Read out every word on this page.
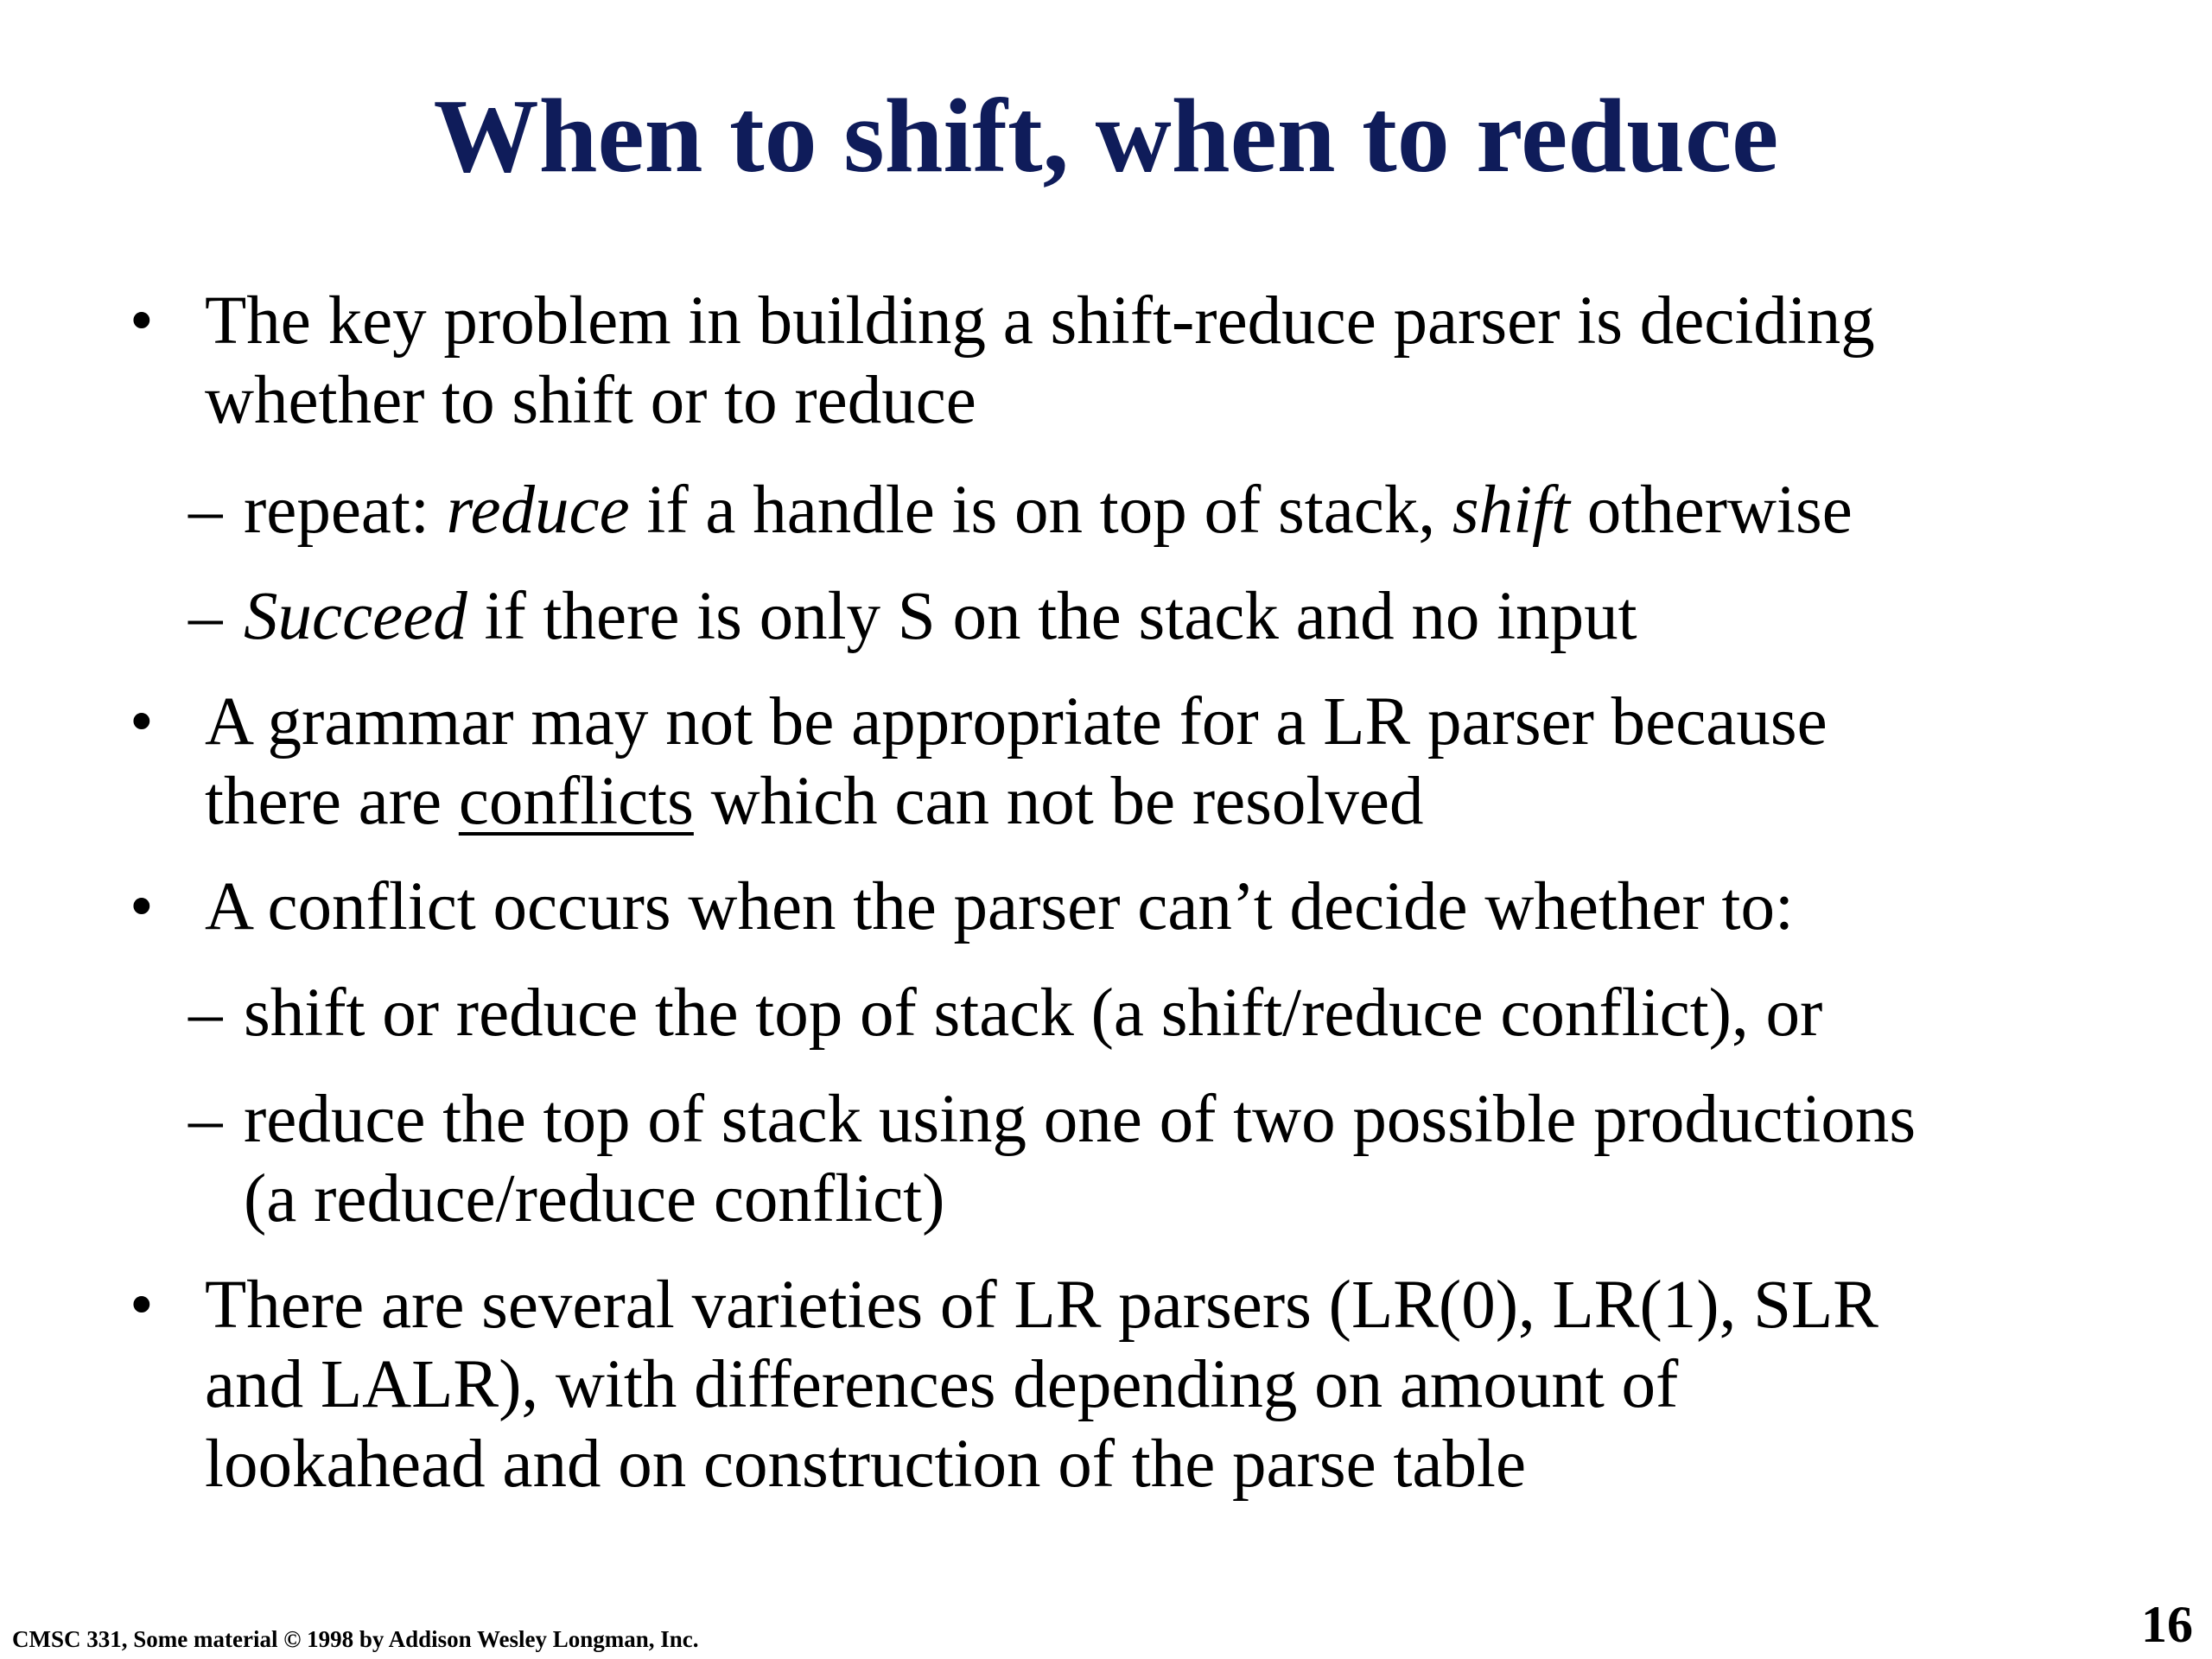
When to shift, when to reduce
• The key problem in building a shift-reduce parser is deciding
whether to shift or to reduce
– repeat: reduce if a handle is on top of stack, shift otherwise
– Succeed if there is only S on the stack and no input
• A grammar may not be appropriate for a LR parser because
there are conflicts which can not be resolved
• A conflict occurs when the parser can’t decide whether to:
– shift or reduce the top of stack (a shift/reduce conflict), or
– reduce the top of stack using one of two possible productions
(a reduce/reduce conflict)
• There are several varieties of LR parsers (LR(0), LR(1), SLR
and LALR), with differences depending on amount of
lookahead and on construction of the parse table
CMSC 331, Some material © 1998 by Addison Wesley Longman, Inc.	16
